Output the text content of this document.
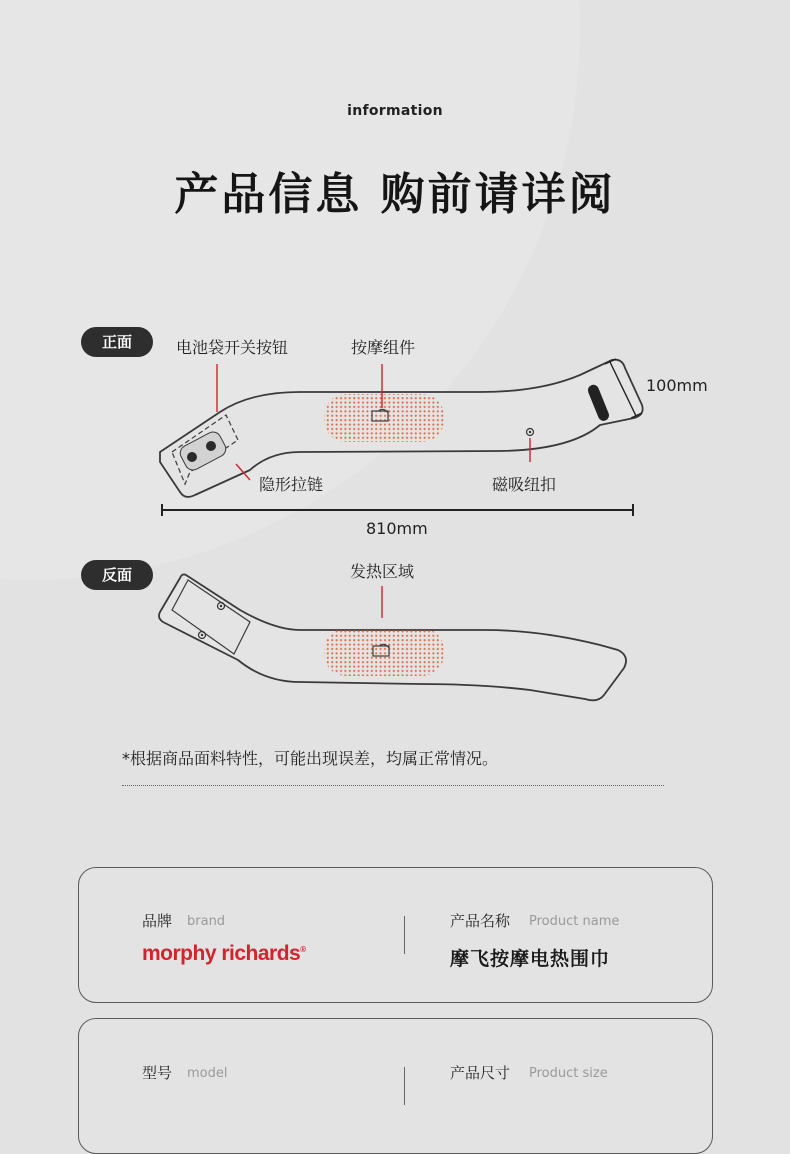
information
产品信息 购前请详阅
正面	电池袋开关按钮	按摩组件
隐形拉链	磁吸纽扣
100mm
810mm
反面	发热区域
*根据商品面料特性，可能出现误差，均属正常情况。
品牌 brand
morphy richards®
产品名称 Product name
摩飞按摩电热围巾
型号 model	产品尺寸 Product size
